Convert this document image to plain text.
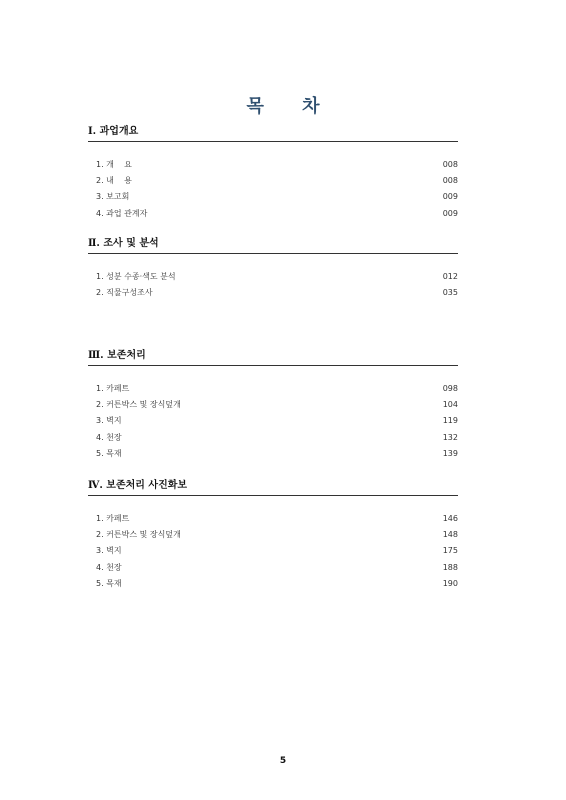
목 차
Ⅰ. 과업개요
1. 개    요	008
2. 내    용	008
3. 보고회	009
4. 과업 관계자	009
Ⅱ. 조사 및 분석
1. 성분 수종·색도 분석	012
2. 직물구성조사	035
Ⅲ. 보존처리
1. 카페트	098
2. 커튼박스 및 장식덮개	104
3. 벽지	119
4. 천장	132
5. 목재	139
Ⅳ. 보존처리 사진화보
1. 카페트	146
2. 커튼박스 및 장식덮개	148
3. 벽지	175
4. 천장	188
5. 목재	190
5
